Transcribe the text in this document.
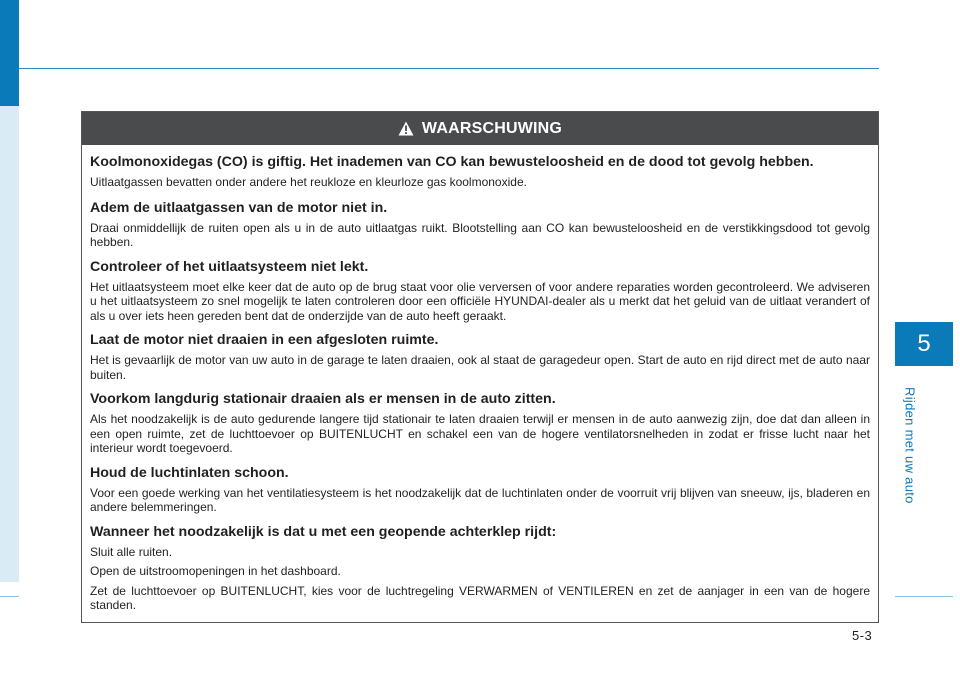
5
Rijden met uw auto
WAARSCHUWING
Koolmonoxidegas (CO) is giftig. Het inademen van CO kan bewusteloosheid en de dood tot gevolg hebben.

Uitlaatgassen bevatten onder andere het reukloze en kleurloze gas koolmonoxide.

Adem de uitlaatgassen van de motor niet in.

Draai onmiddellijk de ruiten open als u in de auto uitlaatgas ruikt. Blootstelling aan CO kan bewusteloosheid en de verstikkingsdood tot gevolg hebben.

Controleer of het uitlaatsysteem niet lekt.

Het uitlaatsysteem moet elke keer dat de auto op de brug staat voor olie verversen of voor andere reparaties worden gecontroleerd. We adviseren u het uitlaatsysteem zo snel mogelijk te laten controleren door een officiële HYUNDAI-dealer als u merkt dat het geluid van de uitlaat verandert of als u over iets heen gereden bent dat de onderzijde van de auto heeft geraakt.

Laat de motor niet draaien in een afgesloten ruimte.

Het is gevaarlijk de motor van uw auto in de garage te laten draaien, ook al staat de garagedeur open. Start de auto en rijd direct met de auto naar buiten.

Voorkom langdurig stationair draaien als er mensen in de auto zitten.

Als het noodzakelijk is de auto gedurende langere tijd stationair te laten draaien terwijl er mensen in de auto aanwezig zijn, doe dat dan alleen in een open ruimte, zet de luchttoevoer op BUITENLUCHT en schakel een van de hogere ventilatorsnelheden in zodat er frisse lucht naar het interieur wordt toegevoerd.

Houd de luchtinlaten schoon.

Voor een goede werking van het ventilatiesysteem is het noodzakelijk dat de luchtinlaten onder de voorruit vrij blijven van sneeuw, ijs, bladeren en andere belemmeringen.

Wanneer het noodzakelijk is dat u met een geopende achterklep rijdt:

Sluit alle ruiten.

Open de uitstroomopeningen in het dashboard.

Zet de luchttoevoer op BUITENLUCHT, kies voor de luchtregeling VERWARMEN of VENTILEREN en zet de aanjager in een van de hogere standen.

5-3
